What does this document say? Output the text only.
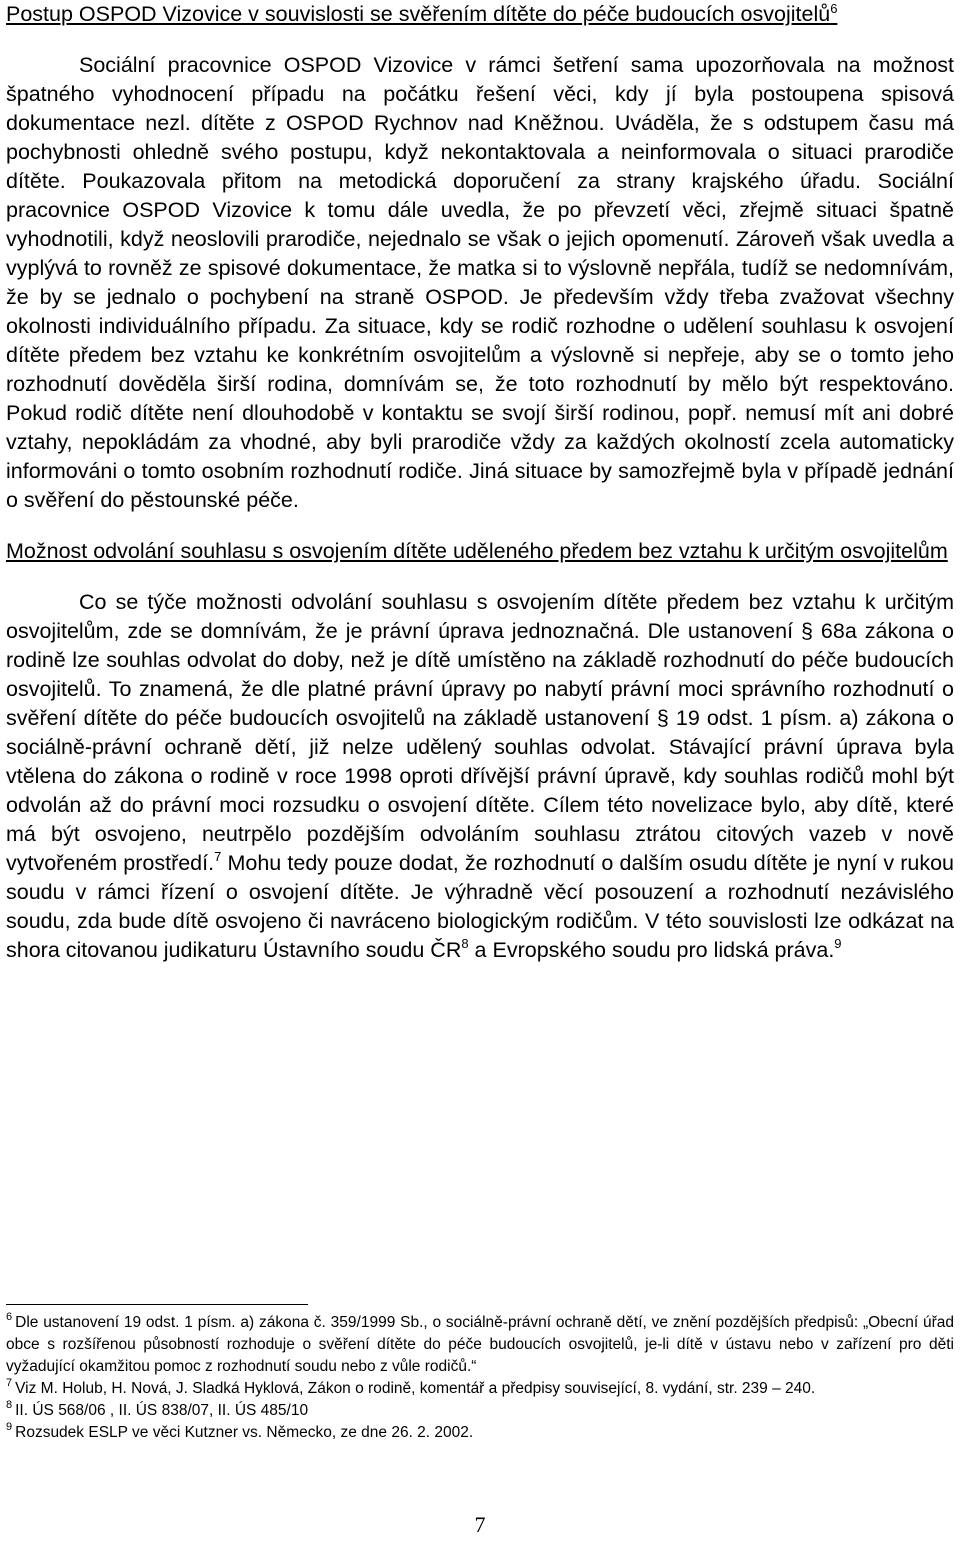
Postup OSPOD Vizovice v souvislosti se svěřením dítěte do péče budoucích osvojitelů$^6$

Sociální pracovnice OSPOD Vizovice v rámci šetření sama upozorňovala na možnost špatného vyhodnocení případu na počátku řešení věci, kdy jí byla postoupena spisová dokumentace nezl. dítěte z OSPOD Rychnov nad Kněžnou. Uváděla, že s odstupem času má pochybnosti ohledně svého postupu, když nekontaktovala a neinformovala o situaci prarodiče dítěte. Poukazovala přitom na metodická doporučení za strany krajského úřadu. Sociální pracovnice OSPOD Vizovice k tomu dále uvedla, že po převzetí věci, zřejmě situaci špatně vyhodnotili, když neoslovili prarodiče, nejednalo se však o jejich opomenutí. Zároveň však uvedla a vyplývá to rovněž ze spisové dokumentace, že matka si to výslovně nepřála, tudíž se nedomnívám, že by se jednalo o pochybení na straně OSPOD. Je především vždy třeba zvažovat všechny okolnosti individuálního případu. Za situace, kdy se rodič rozhodne o udělení souhlasu k osvojení dítěte předem bez vztahu ke konkrétním osvojitelům a výslovně si nepřeje, aby se o tomto jeho rozhodnutí dověděla širší rodina, domnívám se, že toto rozhodnutí by mělo být respektováno. Pokud rodič dítěte není dlouhodobě v kontaktu se svojí širší rodinou, popř. nemusí mít ani dobré vztahy, nepokládám za vhodné, aby byli prarodiče vždy za každých okolností zcela automaticky informováni o tomto osobním rozhodnutí rodiče. Jiná situace by samozřejmě byla v případě jednání o svěření do pěstounské péče.

Možnost odvolání souhlasu s osvojením dítěte uděleného předem bez vztahu k určitým osvojitelům

Co se týče možnosti odvolání souhlasu s osvojením dítěte předem bez vztahu k určitým osvojitelům, zde se domnívám, že je právní úprava jednoznačná. Dle ustanovení § 68a zákona o rodině lze souhlas odvolat do doby, než je dítě umístěno na základě rozhodnutí do péče budoucích osvojitelů. To znamená, že dle platné právní úpravy po nabytí právní moci správního rozhodnutí o svěření dítěte do péče budoucích osvojitelů na základě ustanovení § 19 odst. 1 písm. a) zákona o sociálně-právní ochraně dětí, již nelze udělený souhlas odvolat. Stávající právní úprava byla vtělena do zákona o rodině v roce 1998 oproti dřívější právní úpravě, kdy souhlas rodičů mohl být odvolán až do právní moci rozsudku o osvojení dítěte. Cílem této novelizace bylo, aby dítě, které má být osvojeno, neutrpělo pozdějším odvoláním souhlasu ztrátou citových vazeb v nově vytvořeném prostředí.$^7$ Mohu tedy pouze dodat, že rozhodnutí o dalším osudu dítěte je nyní v rukou soudu v rámci řízení o osvojení dítěte. Je výhradně věcí posouzení a rozhodnutí nezávislého soudu, zda bude dítě osvojeno či navráceno biologickým rodičům. V této souvislosti lze odkázat na shora citovanou judikaturu Ústavního soudu $ČR^8$ a Evropského soudu pro lidská práva.$^9$

$^6$ Dle ustanovení 19 odst. 1 písm. a) zákona č. 359/1999 Sb., o sociálně-právní ochraně dětí, ve znění pozdějších předpisů: „Obecní úřad obce s rozšířenou působností rozhoduje o svěření dítěte do péče budoucích osvojitelů, je-li dítě v ústavu nebo v zařízení pro děti vyžadující okamžitou pomoc z rozhodnutí soudu nebo z vůle rodičů.“

$^7$ Viz M. Holub, H. Nová, J. Sladká Hyklová, Zákon o rodině, komentář a předpisy související, 8. vydání, str. 239 – 240.

$^8$ II. ÚS 568/06 , II. ÚS 838/07, II. ÚS 485/10

$^9$ Rozsudek ESLP ve věci Kutzner vs. Německo, ze dne 26. 2. 2002.

7
